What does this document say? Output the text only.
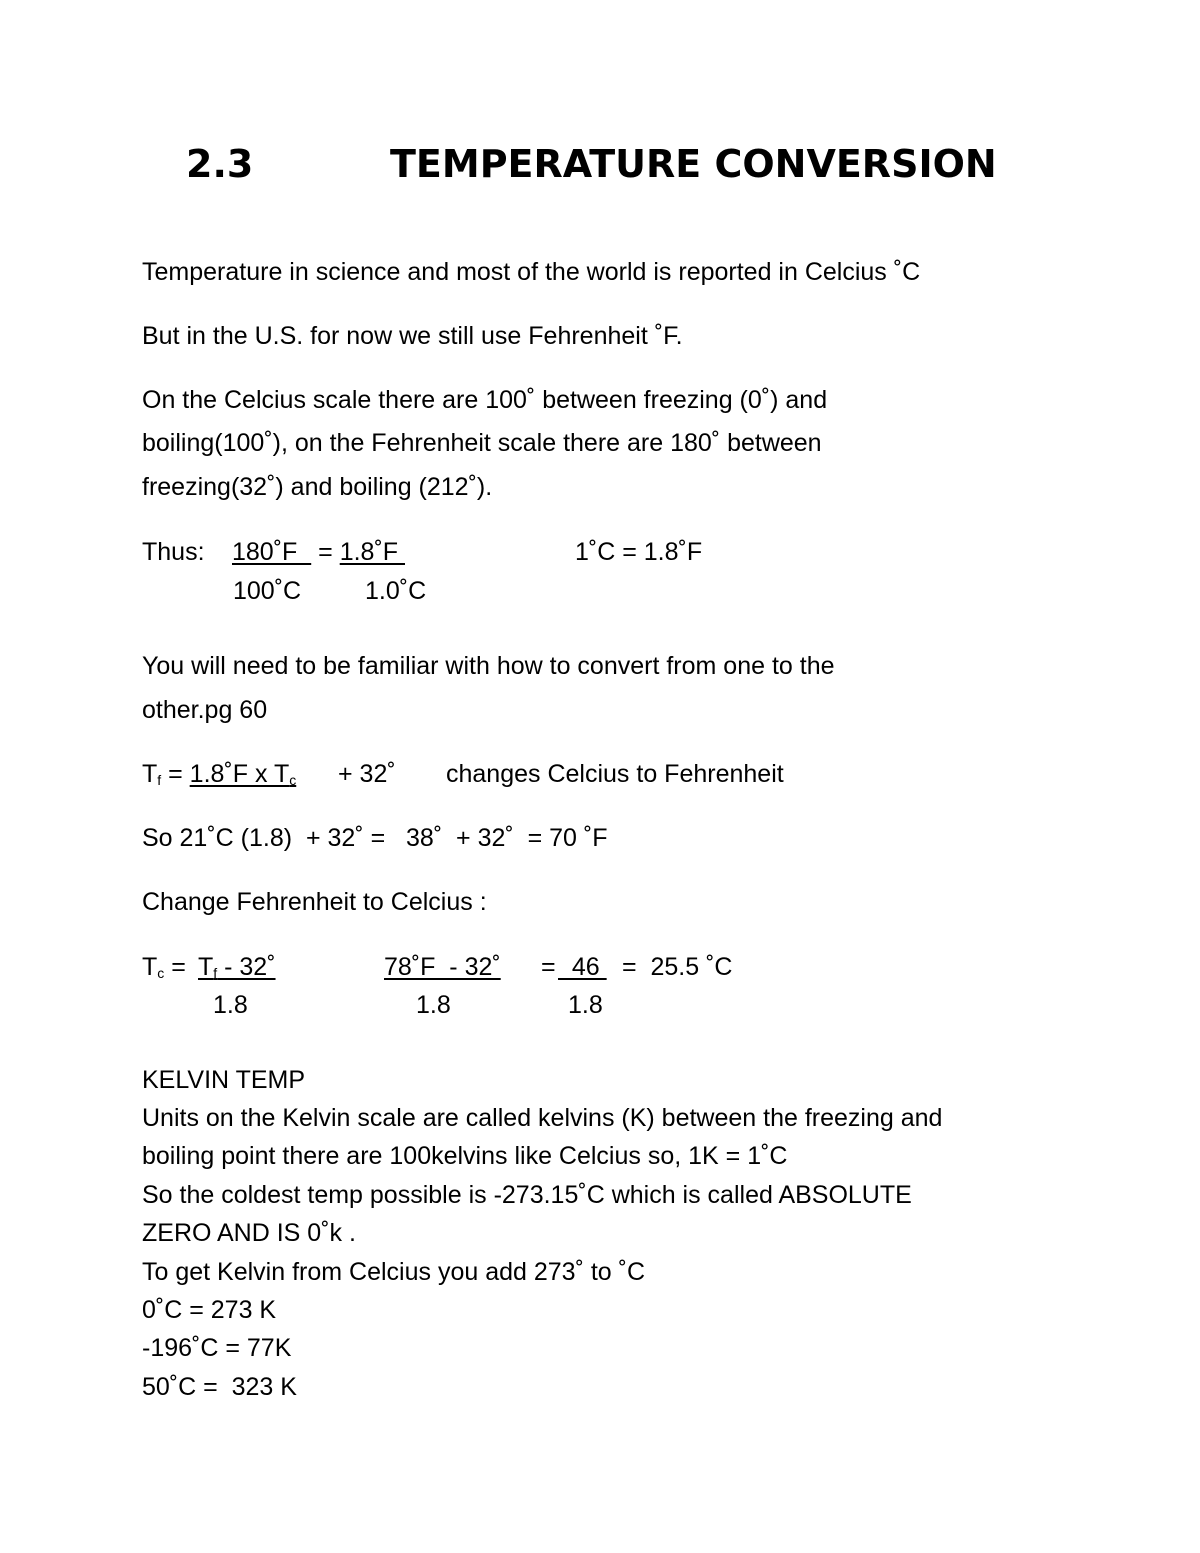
2.3	TEMPERATURE CONVERSION
Temperature in science and most of the world is reported in Celcius ˚C
But in the U.S. for now we still use Fehrenheit ˚F.
On the Celcius scale there are 100˚ between freezing (0˚) and
boiling(100˚), on the Fehrenheit scale there are 180˚ between
freezing(32˚) and boiling (212˚).
Thus: 180˚F   = 1.8˚F	1˚C = 1.8˚F
100˚C	1.0˚C
You will need to be familiar with how to convert from one to the
other.pg 60
$T_f$ = 1.8˚F x $T_c$ + 32˚ changes Celcius to Fehrenheit
So 21˚C (1.8)  + 32˚ =   38˚  + 32˚  = 70 ˚F
Change Fehrenheit to Celcius :
$T_c = T_f$ - 32˚
1.8
78˚F  - 32˚
1.8
= 46
1.8
=  25.5 ˚C
KELVIN TEMP
Units on the Kelvin scale are called kelvins (K) between the freezing and
boiling point there are 100kelvins like Celcius so, 1K = 1˚C
So the coldest temp possible is -273.15˚C which is called ABSOLUTE
ZERO AND IS 0˚k .
To get Kelvin from Celcius you add 273˚ to ˚C
0˚C = 273 K
-196˚C = 77K
50˚C =  323 K
